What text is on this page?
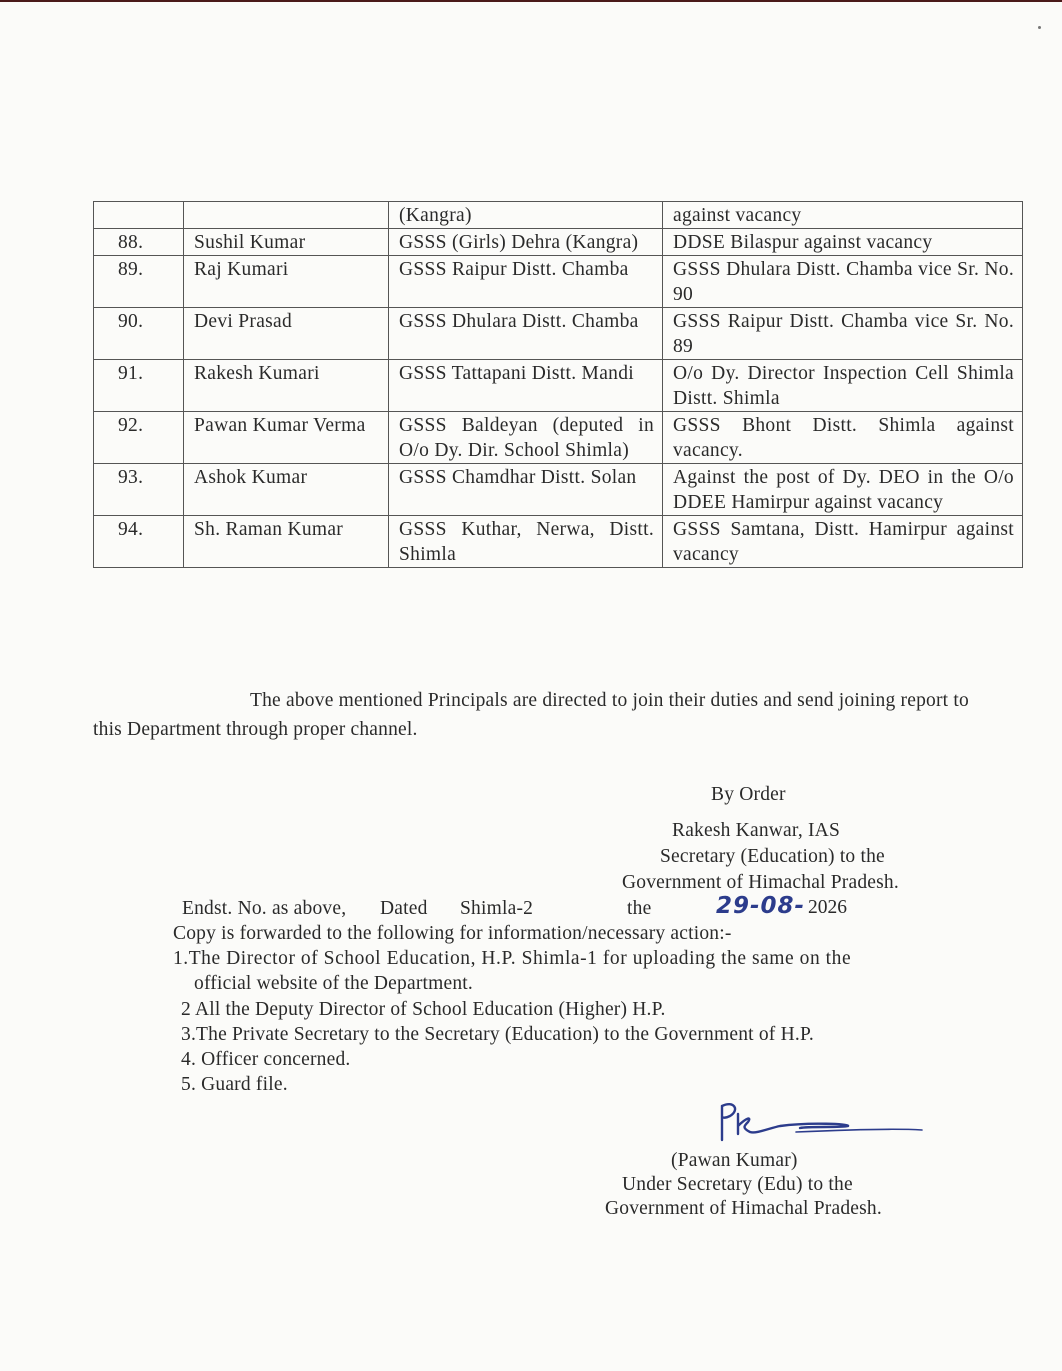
		(Kangra)	against vacancy
88.	Sushil Kumar	GSSS (Girls) Dehra (Kangra)	DDSE Bilaspur against vacancy
89.	Raj Kumari	GSSS Raipur Distt. Chamba	GSSS Dhulara Distt. Chamba vice Sr. No. 90
90.	Devi Prasad	GSSS Dhulara Distt. Chamba	GSSS Raipur Distt. Chamba vice Sr. No. 89
91.	Rakesh Kumari	GSSS Tattapani Distt. Mandi	O/o Dy. Director Inspection Cell Shimla Distt. Shimla
92.	Pawan Kumar Verma	GSSS Baldeyan (deputed in O/o Dy. Dir. School Shimla)	GSSS Bhont Distt. Shimla against vacancy.
93.	Ashok Kumar	GSSS Chamdhar Distt. Solan	Against the post of Dy. DEO in the O/o DDEE Hamirpur against vacancy
94.	Sh. Raman Kumar	GSSS Kuthar, Nerwa, Distt. Shimla	GSSS Samtana, Distt. Hamirpur against vacancy
The above mentioned Principals are directed to join their duties and send joining report to this Department through proper channel.
By Order
Rakesh Kanwar, IAS
Secretary (Education) to the
Government of Himachal Pradesh.
Endst. No. as above, Dated Shimla-2	the	29-08- 2026
Copy is forwarded to the following for information/necessary action:-
1.The Director of School Education, H.P. Shimla-1 for uploading the same on the
official website of the Department.
2 All the Deputy Director of School Education (Higher) H.P.
3.The Private Secretary to the Secretary (Education) to the Government of H.P.
4. Officer concerned.
5. Guard file.
(Pawan Kumar)
Under Secretary (Edu) to the
Government of Himachal Pradesh.
